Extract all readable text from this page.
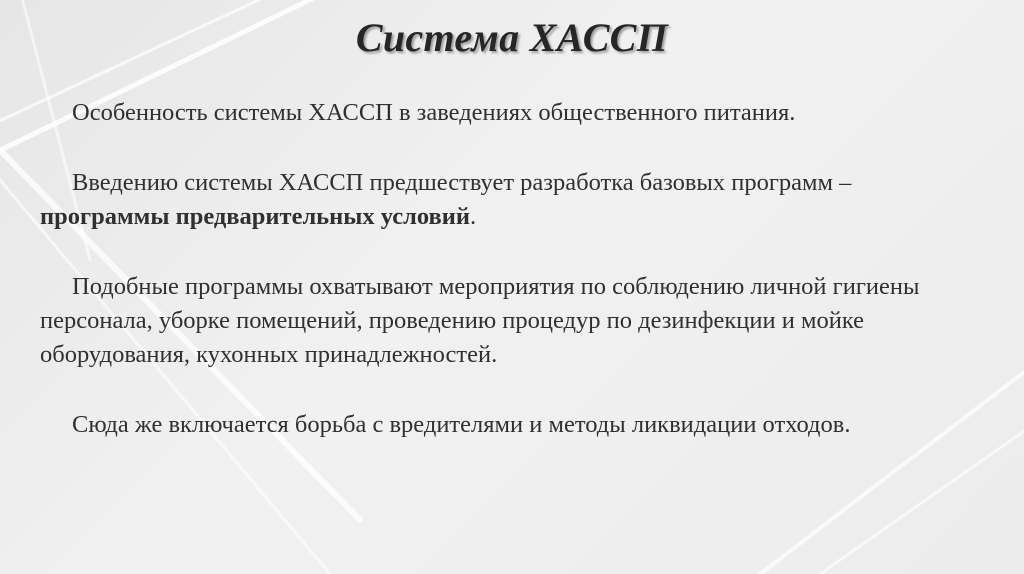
Система ХАССП

Особенность системы ХАССП в заведениях общественного питания.

Введению системы ХАССП предшествует разработка базовых программ – программы предварительных условий.

Подобные программы охватывают мероприятия по соблюдению личной гигиены персонала, уборке помещений, проведению процедур по дезинфекции и мойке оборудования, кухонных принадлежностей.

Сюда же включается борьба с вредителями и методы ликвидации отходов.
